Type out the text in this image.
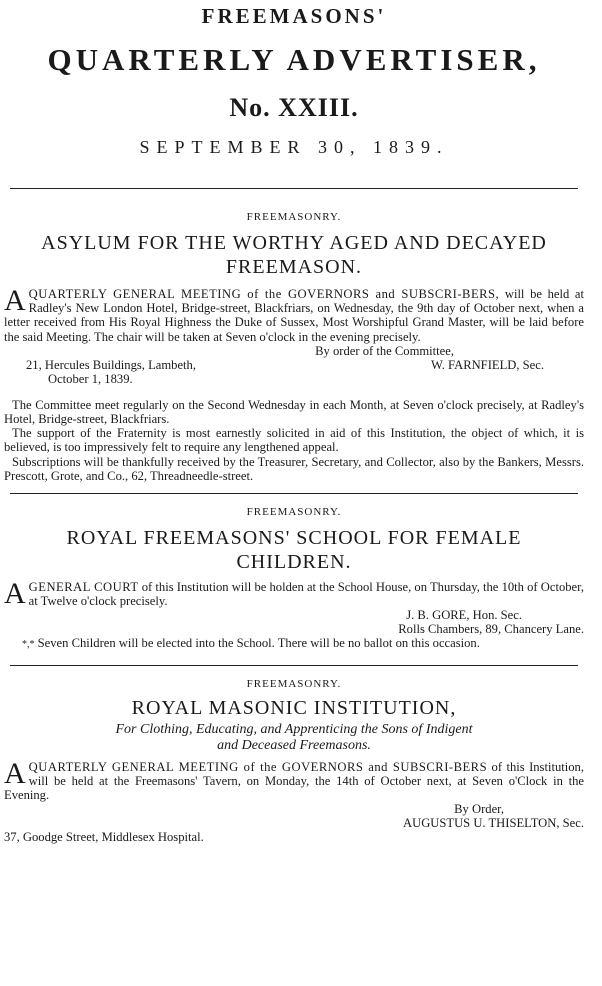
FREEMASONS'
QUARTERLY ADVERTISER,
No. XXIII.
SEPTEMBER 30, 1839.
FREEMASONRY.
ASYLUM FOR THE WORTHY AGED AND DECAYED
FREEMASON.

A QUARTERLY GENERAL MEETING of the GOVERNORS and SUBSCRI-BERS, will be held at Radley's New London Hotel, Bridge-street, Blackfriars, on Wednesday, the 9th day of October next, when a letter received from His Royal Highness the Duke of Sussex, Most Worshipful Grand Master, will be laid before the said Meeting. The chair will be taken at Seven o'clock in the evening precisely.

By order of the Committee,
21, Hercules Buildings, Lambeth,	W. FARNFIELD, Sec.
October 1, 1839.

The Committee meet regularly on the Second Wednesday in each Month, at Seven o'clock precisely, at Radley's Hotel, Bridge-street, Blackfriars.

The support of the Fraternity is most earnestly solicited in aid of this Institution, the object of which, it is believed, is too impressively felt to require any lengthened appeal.

Subscriptions will be thankfully received by the Treasurer, Secretary, and Collector, also by the Bankers, Messrs. Prescott, Grote, and Co., 62, Threadneedle-street.

FREEMASONRY.
ROYAL FREEMASONS' SCHOOL FOR FEMALE
CHILDREN.

A GENERAL COURT of this Institution will be holden at the School House, on Thursday, the 10th of October, at Twelve o'clock precisely.

J. B. GORE, Hon. Sec.
Rolls Chambers, 89, Chancery Lane.

*,* Seven Children will be elected into the School. There will be no ballot on this occasion.

FREEMASONRY.
ROYAL MASONIC INSTITUTION,
For Clothing, Educating, and Apprenticing the Sons of Indigent
and Deceased Freemasons.

A QUARTERLY GENERAL MEETING of the GOVERNORS and SUBSCRI-BERS of this Institution, will be held at the Freemasons' Tavern, on Monday, the 14th of October next, at Seven o'Clock in the Evening.

By Order,
AUGUSTUS U. THISELTON, Sec.
37, Goodge Street, Middlesex Hospital.
